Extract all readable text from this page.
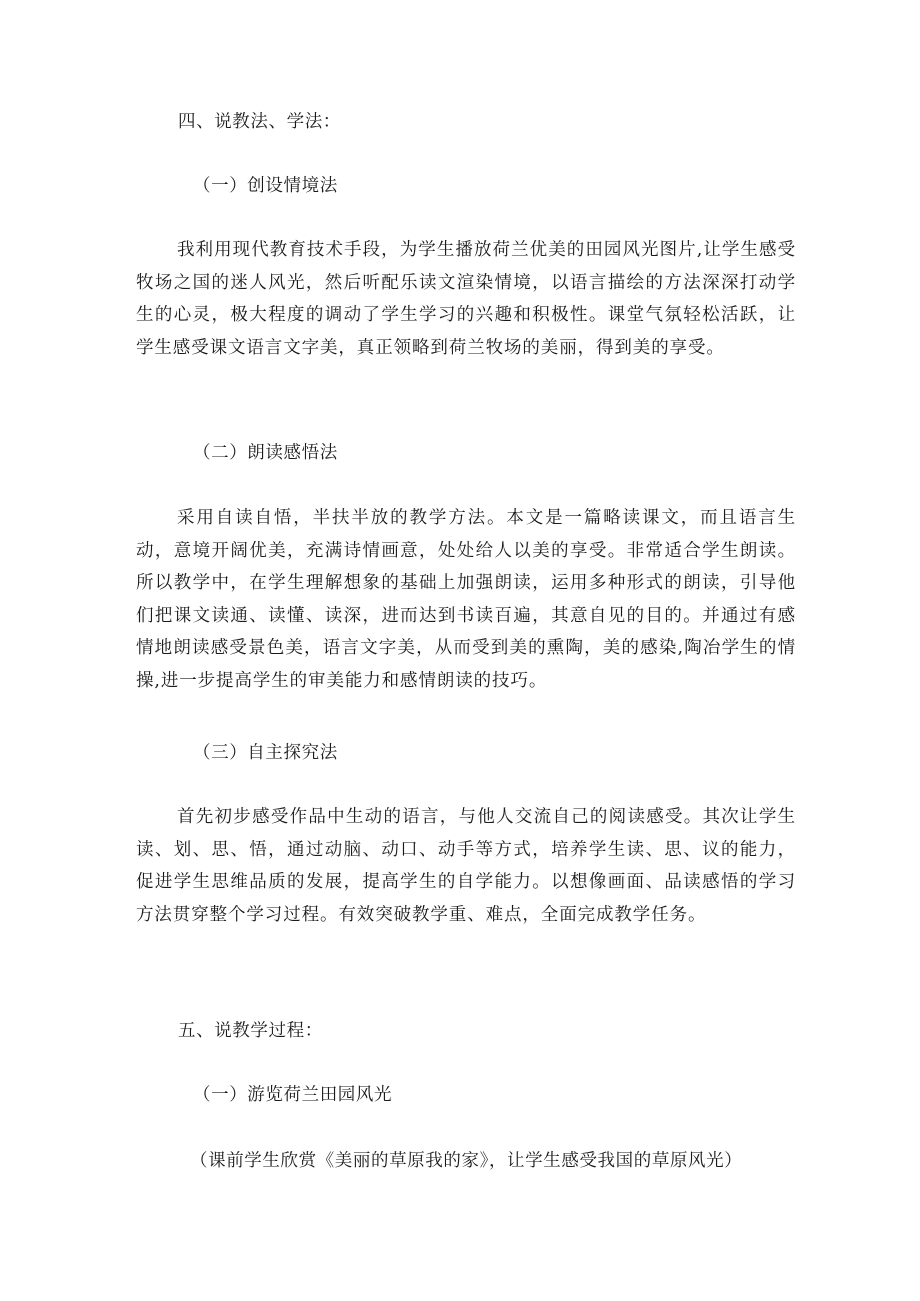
四、说教法、学法：
（一）创设情境法

我利用现代教育技术手段，为学生播放荷兰优美的田园风光图片,让学生感受牧场之国的迷人风光，然后听配乐读文渲染情境，以语言描绘的方法深深打动学生的心灵，极大程度的调动了学生学习的兴趣和积极性。课堂气氛轻松活跃，让学生感受课文语言文字美，真正领略到荷兰牧场的美丽，得到美的享受。

（二）朗读感悟法

采用自读自悟，半扶半放的教学方法。本文是一篇略读课文，而且语言生动，意境开阔优美，充满诗情画意，处处给人以美的享受。非常适合学生朗读。所以教学中，在学生理解想象的基础上加强朗读，运用多种形式的朗读，引导他们把课文读通、读懂、读深，进而达到书读百遍，其意自见的目的。并通过有感情地朗读感受景色美，语言文字美，从而受到美的熏陶，美的感染,陶冶学生的情操,进一步提高学生的审美能力和感情朗读的技巧。

（三）自主探究法

首先初步感受作品中生动的语言，与他人交流自己的阅读感受。其次让学生读、划、思、悟，通过动脑、动口、动手等方式，培养学生读、思、议的能力，促进学生思维品质的发展，提高学生的自学能力。以想像画面、品读感悟的学习方法贯穿整个学习过程。有效突破教学重、难点，全面完成教学任务。

五、说教学过程：
（一）游览荷兰田园风光
（课前学生欣赏《美丽的草原我的家》，让学生感受我国的草原风光）
